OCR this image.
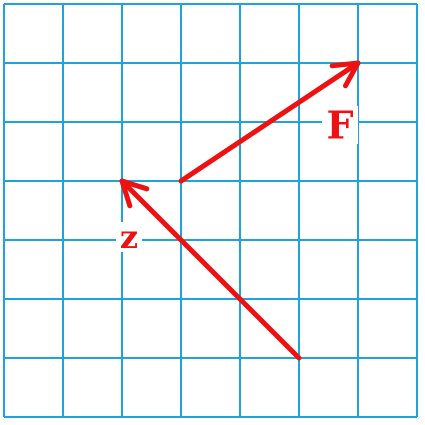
F
z
